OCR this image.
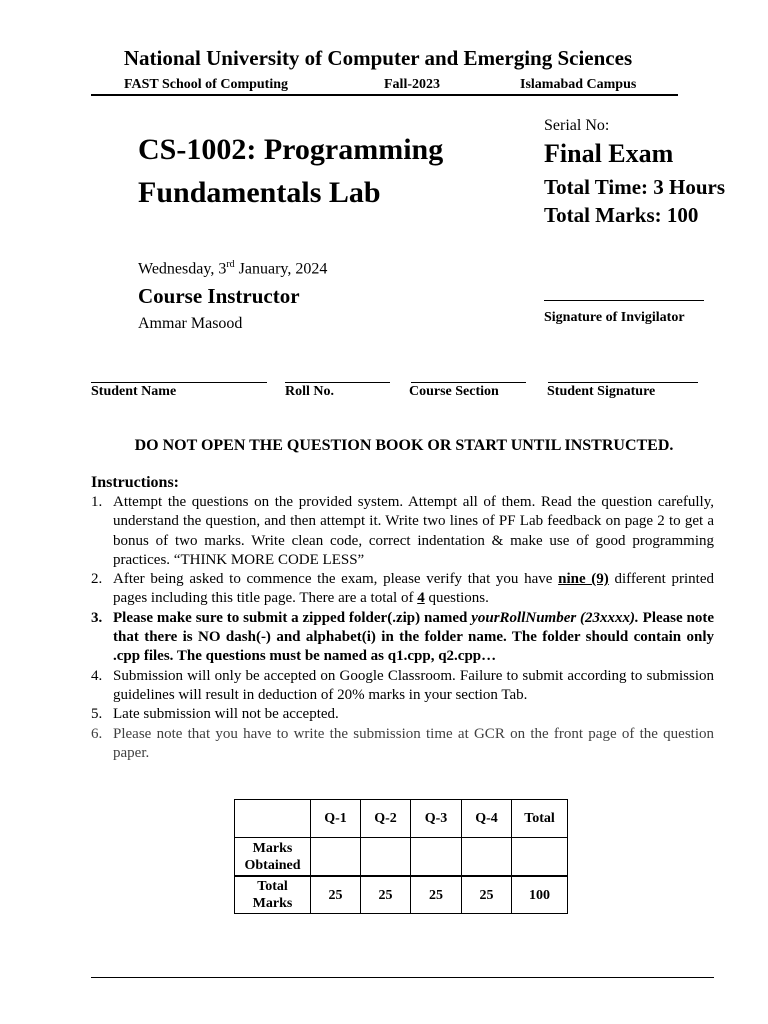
National University of Computer and Emerging Sciences
FAST School of Computing	Fall-2023	Islamabad Campus
CS-1002: Programming
Fundamentals Lab
Serial No:
Final Exam
Total Time: 3 Hours
Total Marks: 100
Wednesday, 3rd January, 2024
Course Instructor
Ammar Masood	Signature of Invigilator
Student Name	Roll No.	Course Section	Student Signature
DO NOT OPEN THE QUESTION BOOK OR START UNTIL INSTRUCTED.
Instructions:
1. Attempt the questions on the provided system. Attempt all of them. Read the question carefully, understand the question, and then attempt it. Write two lines of PF Lab feedback on page 2 to get a bonus of two marks. Write clean code, correct indentation & make use of good programming practices. “THINK MORE CODE LESS”
2. After being asked to commence the exam, please verify that you have nine (9) different printed pages including this title page. There are a total of 4 questions.
3. Please make sure to submit a zipped folder(.zip) named yourRollNumber (23xxxx). Please note that there is NO dash(-) and alphabet(i) in the folder name. The folder should contain only .cpp files. The questions must be named as q1.cpp, q2.cpp…
4. Submission will only be accepted on Google Classroom. Failure to submit according to submission guidelines will result in deduction of 20% marks in your section Tab.
5. Late submission will not be accepted.
6. Please note that you have to write the submission time at GCR on the front page of the question paper.
	Q-1	Q-2	Q-3	Q-4	Total
Marks Obtained					
Total Marks	25	25	25	25	100
